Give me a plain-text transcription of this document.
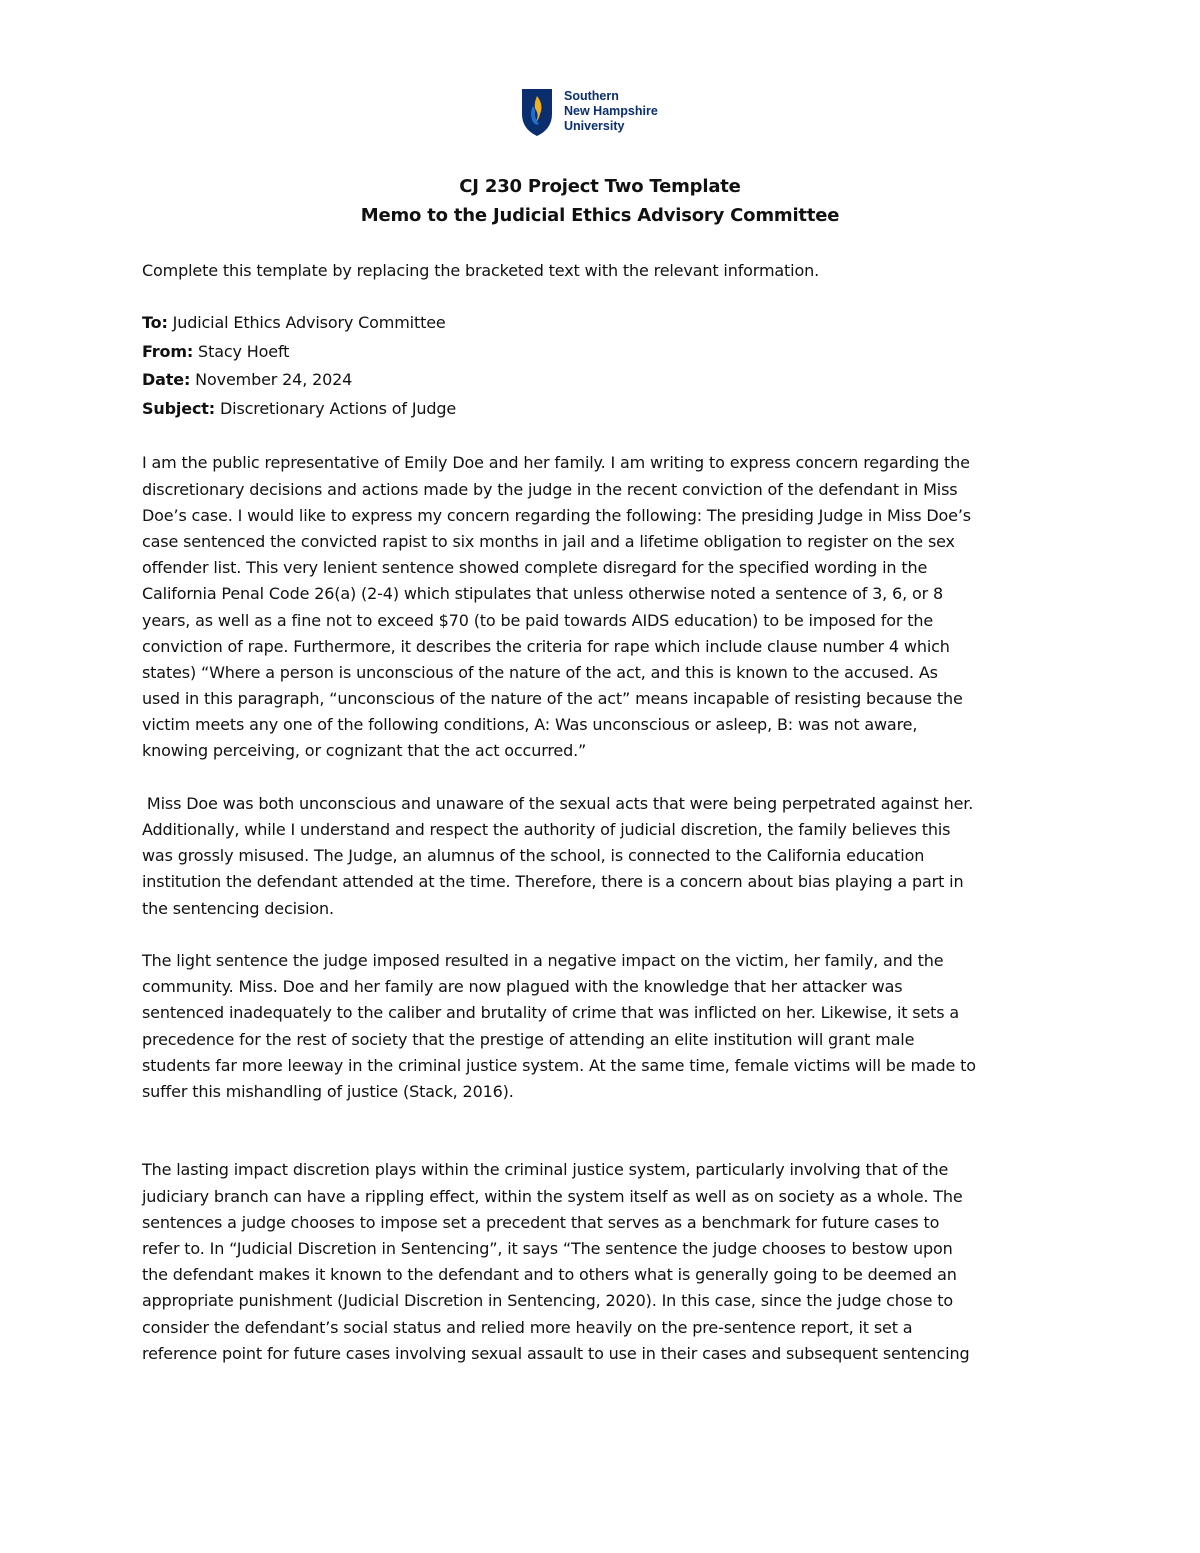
Southern
New Hampshire
University
CJ 230 Project Two Template
Memo to the Judicial Ethics Advisory Committee
Complete this template by replacing the bracketed text with the relevant information.
To: Judicial Ethics Advisory Committee
From: Stacy Hoeft
Date: November 24, 2024
Subject: Discretionary Actions of Judge
I am the public representative of Emily Doe and her family. I am writing to express concern regarding the
discretionary decisions and actions made by the judge in the recent conviction of the defendant in Miss
Doe’s case. I would like to express my concern regarding the following: The presiding Judge in Miss Doe’s
case sentenced the convicted rapist to six months in jail and a lifetime obligation to register on the sex
offender list. This very lenient sentence showed complete disregard for the specified wording in the
California Penal Code 26(a) (2-4) which stipulates that unless otherwise noted a sentence of 3, 6, or 8
years, as well as a fine not to exceed $70 (to be paid towards AIDS education) to be imposed for the
conviction of rape. Furthermore, it describes the criteria for rape which include clause number 4 which
states) “Where a person is unconscious of the nature of the act, and this is known to the accused. As
used in this paragraph, “unconscious of the nature of the act” means incapable of resisting because the
victim meets any one of the following conditions, A: Was unconscious or asleep, B: was not aware,
knowing perceiving, or cognizant that the act occurred.”
Miss Doe was both unconscious and unaware of the sexual acts that were being perpetrated against her.
Additionally, while I understand and respect the authority of judicial discretion, the family believes this
was grossly misused. The Judge, an alumnus of the school, is connected to the California education
institution the defendant attended at the time. Therefore, there is a concern about bias playing a part in
the sentencing decision.
The light sentence the judge imposed resulted in a negative impact on the victim, her family, and the
community. Miss. Doe and her family are now plagued with the knowledge that her attacker was
sentenced inadequately to the caliber and brutality of crime that was inflicted on her. Likewise, it sets a
precedence for the rest of society that the prestige of attending an elite institution will grant male
students far more leeway in the criminal justice system. At the same time, female victims will be made to
suffer this mishandling of justice (Stack, 2016).
The lasting impact discretion plays within the criminal justice system, particularly involving that of the
judiciary branch can have a rippling effect, within the system itself as well as on society as a whole. The
sentences a judge chooses to impose set a precedent that serves as a benchmark for future cases to
refer to. In “Judicial Discretion in Sentencing”, it says “The sentence the judge chooses to bestow upon
the defendant makes it known to the defendant and to others what is generally going to be deemed an
appropriate punishment (Judicial Discretion in Sentencing, 2020). In this case, since the judge chose to
consider the defendant’s social status and relied more heavily on the pre-sentence report, it set a
reference point for future cases involving sexual assault to use in their cases and subsequent sentencing
